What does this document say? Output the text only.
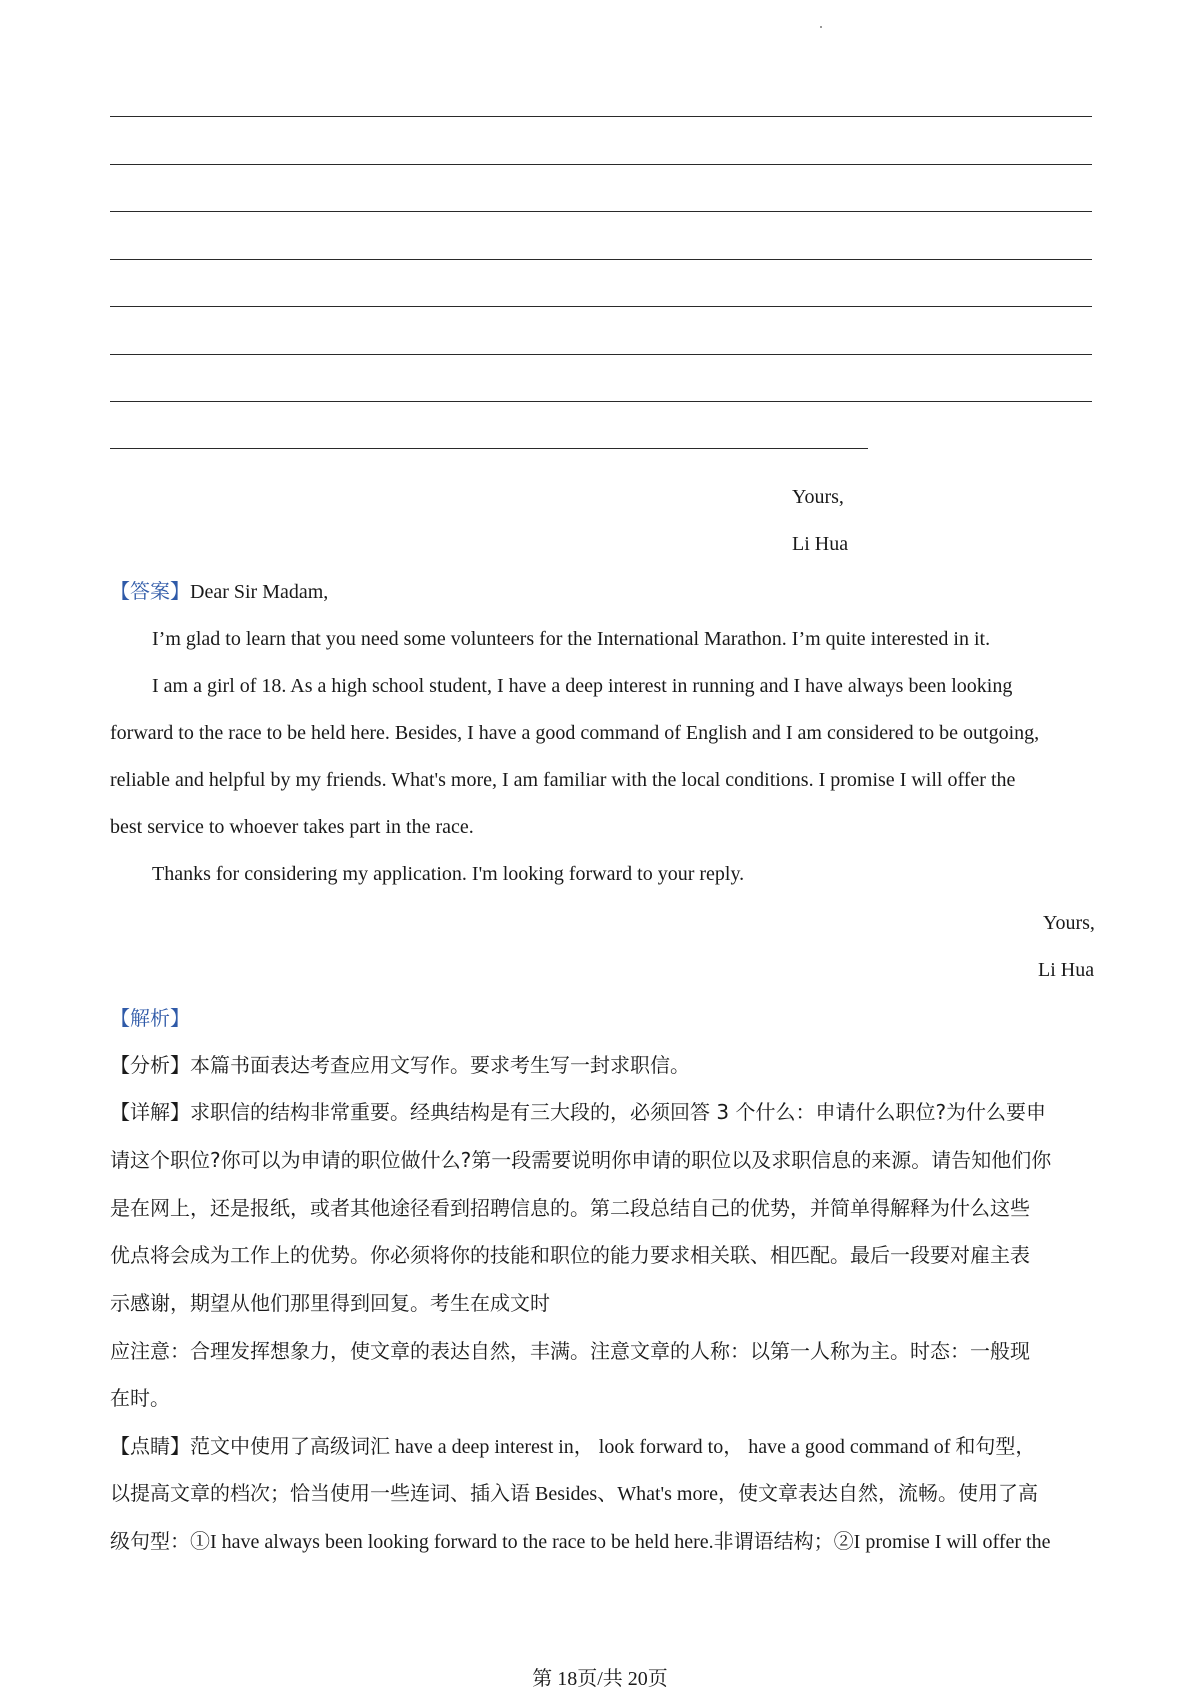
Yours,
Li Hua
【答案】Dear Sir Madam,
I’m glad to learn that you need some volunteers for the International Marathon. I’m quite interested in it.
I am a girl of 18. As a high school student, I have a deep interest in running and I have always been looking
forward to the race to be held here. Besides, I have a good command of English and I am considered to be outgoing,
reliable and helpful by my friends. What's more, I am familiar with the local conditions. I promise I will offer the
best service to whoever takes part in the race.
Thanks for considering my application. I'm looking forward to your reply.
Yours,
Li Hua
【解析】
【分析】本篇书面表达考查应用文写作。要求考生写一封求职信。
【详解】求职信的结构非常重要。经典结构是有三大段的，必须回答 3 个什么：申请什么职位?为什么要申
请这个职位?你可以为申请的职位做什么?第一段需要说明你申请的职位以及求职信息的来源。请告知他们你
是在网上，还是报纸，或者其他途径看到招聘信息的。第二段总结自己的优势，并简单得解释为什么这些
优点将会成为工作上的优势。你必须将你的技能和职位的能力要求相关联、相匹配。最后一段要对雇主表
示感谢，期望从他们那里得到回复。考生在成文时
应注意：合理发挥想象力，使文章的表达自然，丰满。注意文章的人称：以第一人称为主。时态：一般现
在时。
【点睛】范文中使用了高级词汇 have a deep interest in， look forward to， have a good command of 和句型，
以提高文章的档次；恰当使用一些连词、插入语 Besides、What's more，使文章表达自然，流畅。使用了高
级句型：①I have always been looking forward to the race to be held here.非谓语结构；②I promise I will offer the
第 18页/共 20页
